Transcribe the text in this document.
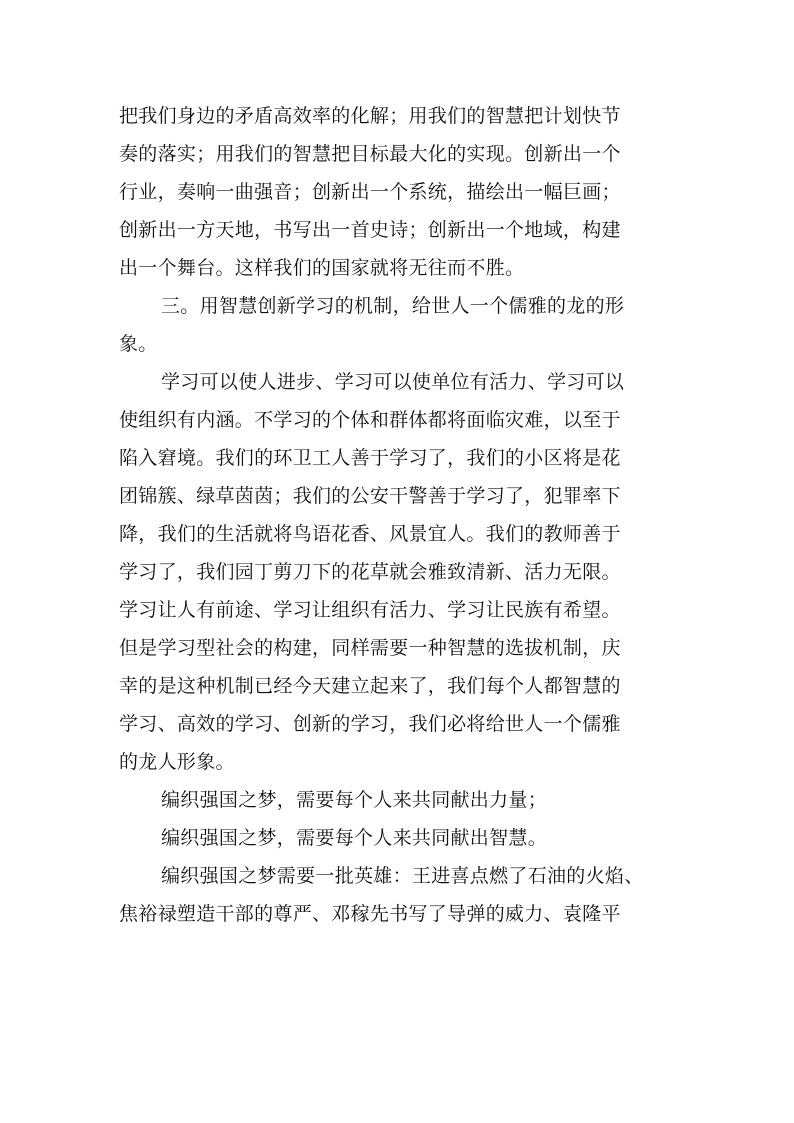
把我们身边的矛盾高效率的化解；用我们的智慧把计划快节
奏的落实；用我们的智慧把目标最大化的实现。创新出一个
行业，奏响一曲强音；创新出一个系统，描绘出一幅巨画；
创新出一方天地，书写出一首史诗；创新出一个地域，构建
出一个舞台。这样我们的国家就将无往而不胜。
三。用智慧创新学习的机制，给世人一个儒雅的龙的形
象。
学习可以使人进步、学习可以使单位有活力、学习可以
使组织有内涵。不学习的个体和群体都将面临灾难，以至于
陷入窘境。我们的环卫工人善于学习了，我们的小区将是花
团锦簇、绿草茵茵；我们的公安干警善于学习了，犯罪率下
降，我们的生活就将鸟语花香、风景宜人。我们的教师善于
学习了，我们园丁剪刀下的花草就会雅致清新、活力无限。
学习让人有前途、学习让组织有活力、学习让民族有希望。
但是学习型社会的构建，同样需要一种智慧的选拔机制，庆
幸的是这种机制已经今天建立起来了，我们每个人都智慧的
学习、高效的学习、创新的学习，我们必将给世人一个儒雅
的龙人形象。
编织强国之梦，需要每个人来共同献出力量；
编织强国之梦，需要每个人来共同献出智慧。
编织强国之梦需要一批英雄：王进喜点燃了石油的火焰、
焦裕禄塑造干部的尊严、邓稼先书写了导弹的威力、袁隆平
